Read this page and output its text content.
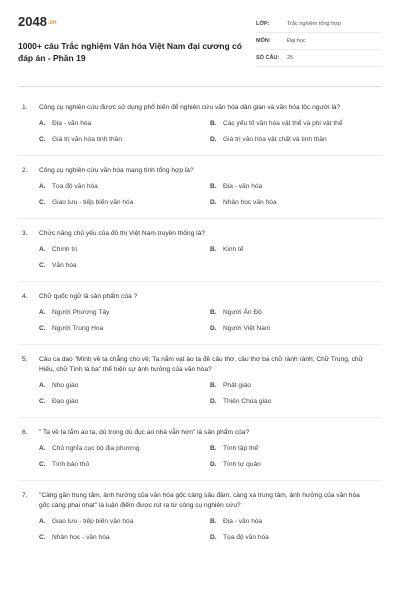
2048.vn
1000+ câu Trắc nghiệm Văn hóa Việt Nam đại cương có đáp án - Phần 19
LỚP:	Trắc nghiệm tổng hợp
MÔN:	Đại học
SỐ CÂU:	25
1.	Công cụ nghiên cứu được sử dụng phổ biến để nghiên cứu văn hóa dân gian và văn hóa tộc người là?
A. Địa - văn hóa	B. Các yếu tố văn hóa vật thể và phi vật thể
C. Giá trị văn hóa tinh thần	D. Giá trị văn hóa vật chất và tinh thần
2.	Công cụ nghiên cứu văn hóa mang tính tổng hợp là?
A. Tọa độ văn hóa	B. Địa - văn hóa
C. Giao lưu - tiếp biến văn hóa	D. Nhân học văn hóa
3.	Chức năng chủ yếu của đô thị Việt Nam truyền thống là?
A. Chính trị	B. Kinh tế
C. Văn hóa
4.	Chữ quốc ngữ là sản phẩm của ?
A. Người Phương Tây	B. Người Ấn Độ
C. Người Trung Hoa	D. Người Việt Nam
5.	Câu ca dao "Mình về ta chẳng cho về; Ta nắm vạt áo ta đề câu thơ, câu thơ ba chữ rành rành; Chữ Trung, chữ Hiếu, chữ Tình là ba" thể hiện sự ảnh hưởng của văn hóa?
A. Nho giáo	B. Phật giáo
C. Đạo giáo	D. Thiên Chúa giáo
6.	" Ta về ta tắm ao ta, dù trong dù đục ao nhà vẫn hơn" là sản phẩm của?
A. Chủ nghĩa cục bộ địa phương	B. Tính tập thể
C. Tính bảo thủ	D. Tính tự quản
7.	"Càng gần trung tâm, ảnh hưởng của văn hóa gốc càng sâu đậm, càng xa trung tâm, ảnh hưởng của văn hóa gốc càng phai nhạt" là luận điểm được rút ra từ công cụ nghiên cứu?
A. Giao lưu - tiếp biến văn hóa	B. Địa - văn hóa
C. Nhân học - văn hóa	D. Tọa độ văn hóa
